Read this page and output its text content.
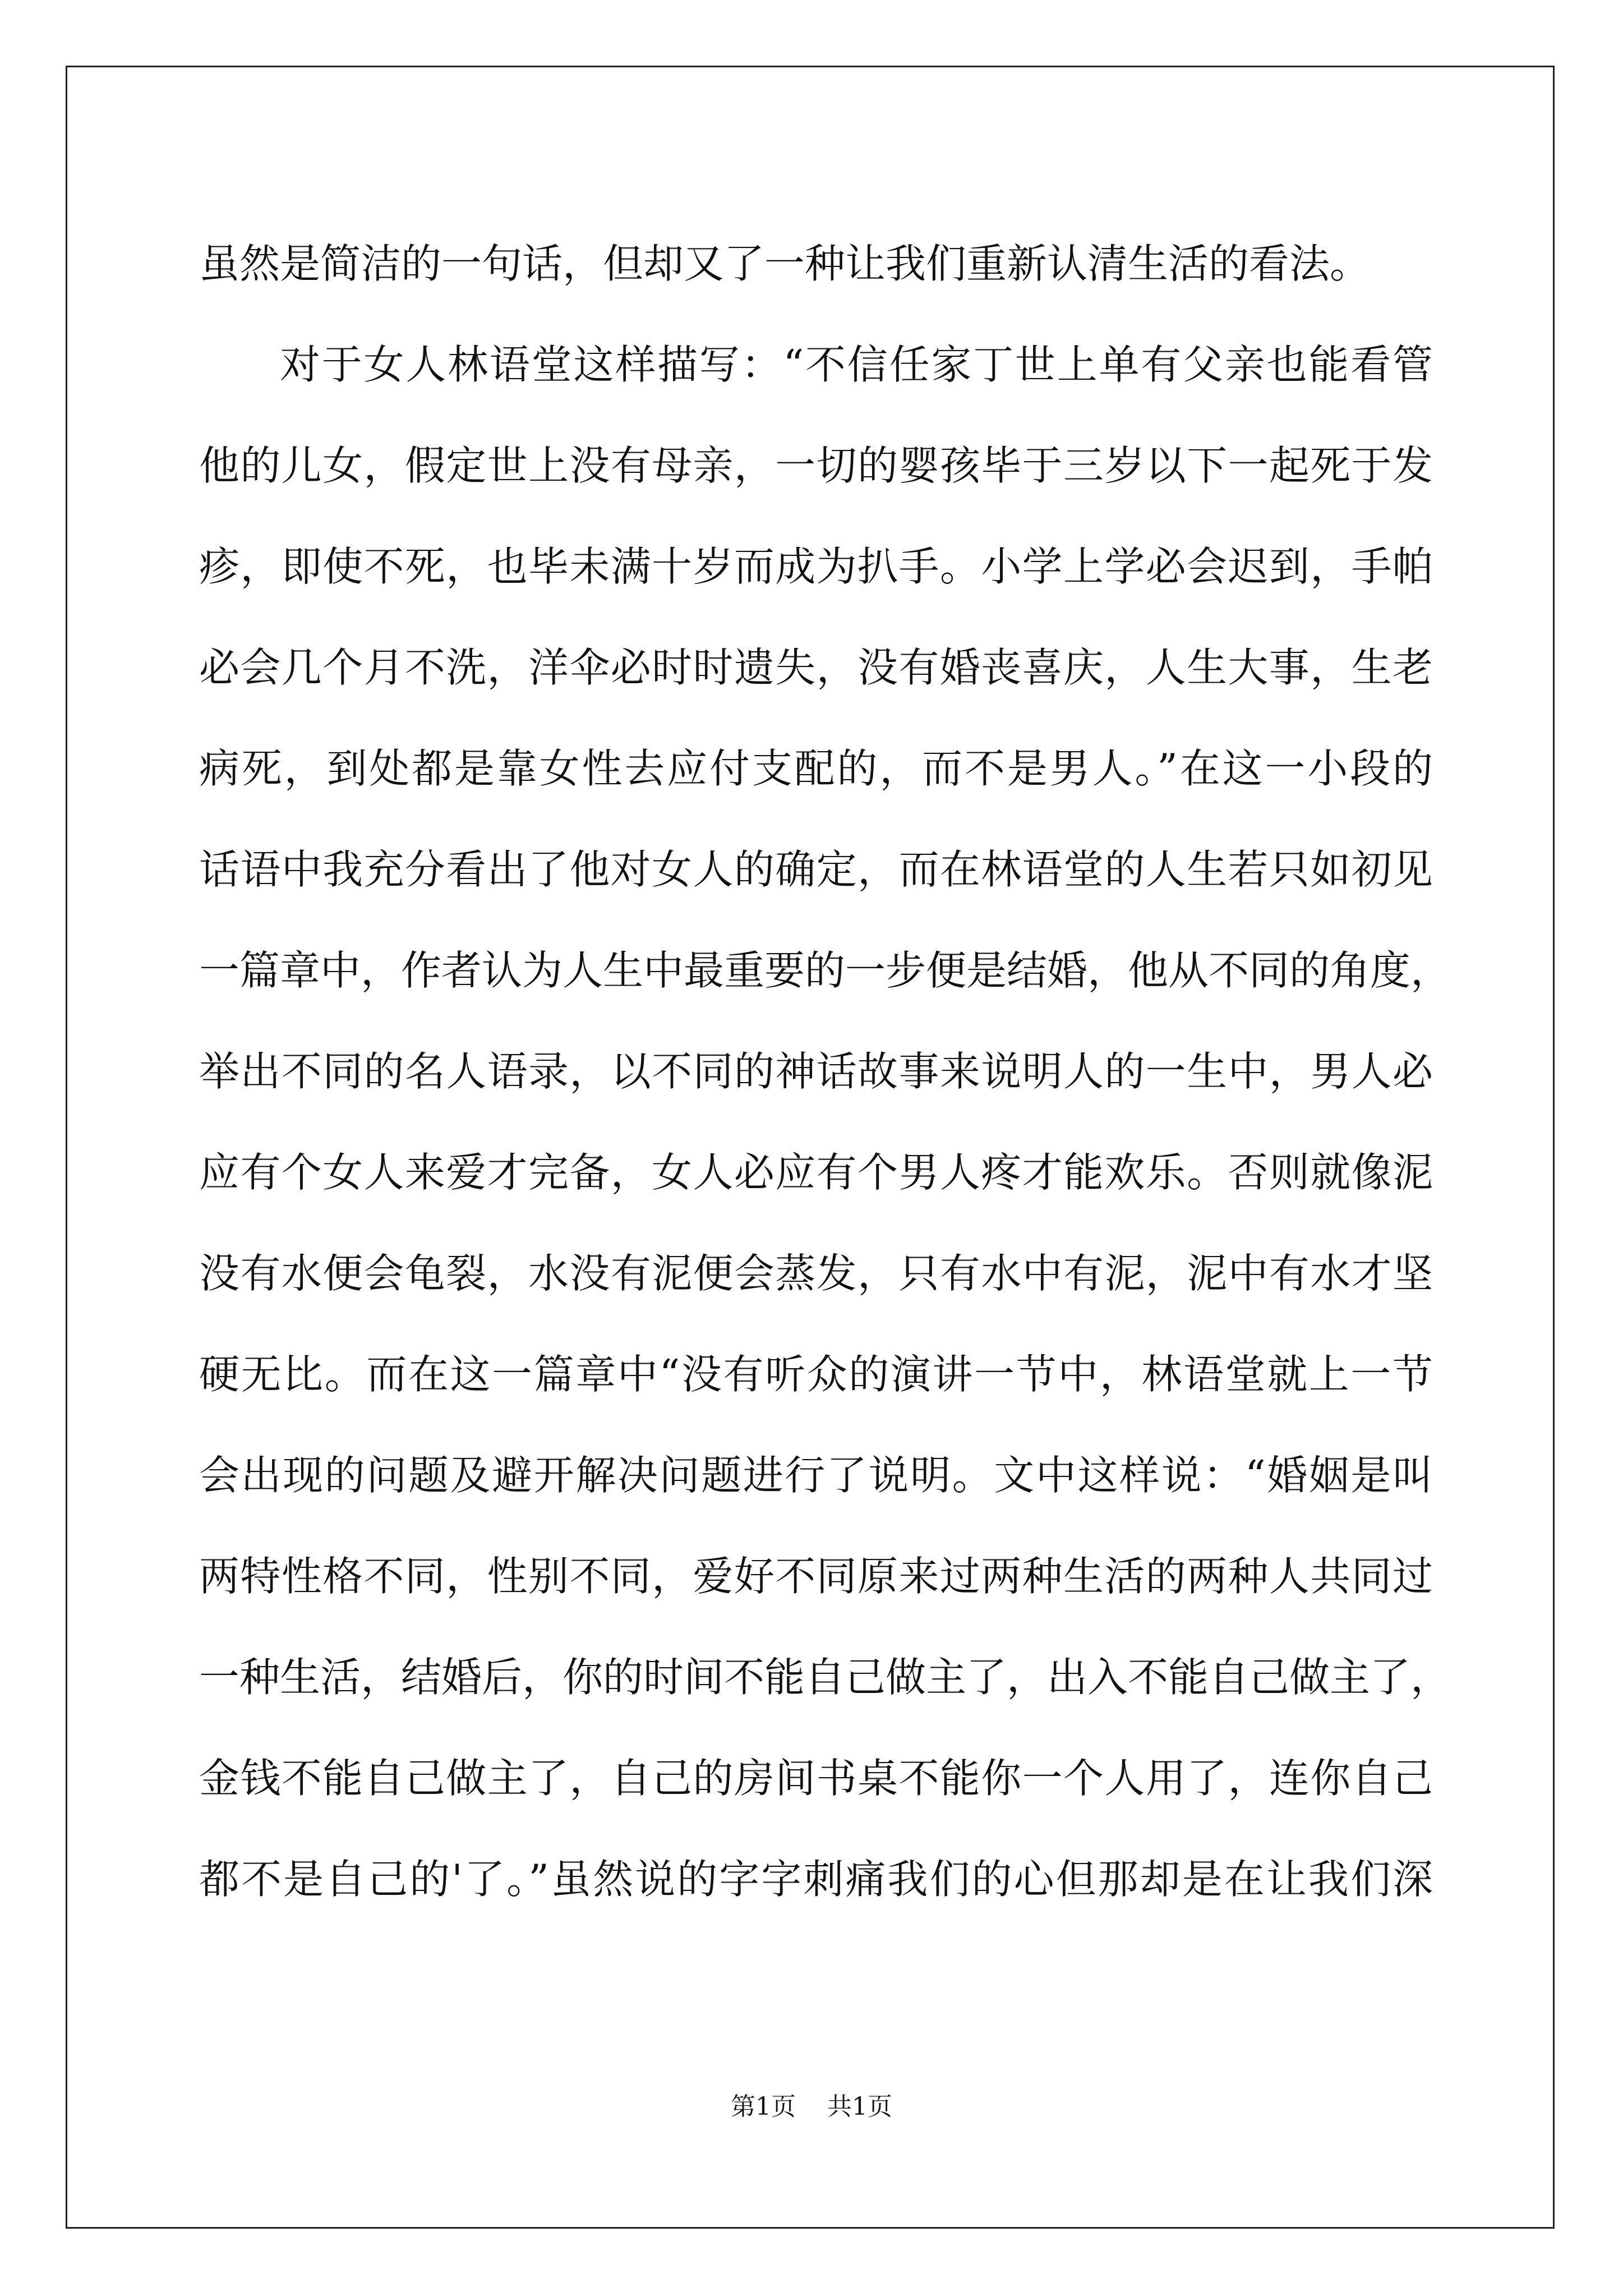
虽然是简洁的一句话，但却又了一种让我们重新认清生活的看法。
对于女人林语堂这样描写：“不信任家丁世上单有父亲也能看管
他的儿女，假定世上没有母亲，一切的婴孩毕于三岁以下一起死于发
疹，即使不死，也毕未满十岁而成为扒手。小学上学必会迟到，手帕
必会几个月不洗，洋伞必时时遗失，没有婚丧喜庆，人生大事，生老
病死，到处都是靠女性去应付支配的，而不是男人。”在这一小段的
话语中我充分看出了他对女人的确定，而在林语堂的人生若只如初见
一篇章中，作者认为人生中最重要的一步便是结婚，他从不同的角度，
举出不同的名人语录，以不同的神话故事来说明人的一生中，男人必
应有个女人来爱才完备，女人必应有个男人疼才能欢乐。否则就像泥
没有水便会龟裂，水没有泥便会蒸发，只有水中有泥，泥中有水才坚
硬无比。而在这一篇章中“没有听众的演讲一节中，林语堂就上一节
会出现的问题及避开解决问题进行了说明。文中这样说：“婚姻是叫
两特性格不同，性别不同，爱好不同原来过两种生活的两种人共同过
一种生活，结婚后，你的时间不能自己做主了，出入不能自己做主了，
金钱不能自己做主了，自己的房间书桌不能你一个人用了，连你自己
都不是自己的'了。”虽然说的字字刺痛我们的心但那却是在让我们深
第1页 共1页
